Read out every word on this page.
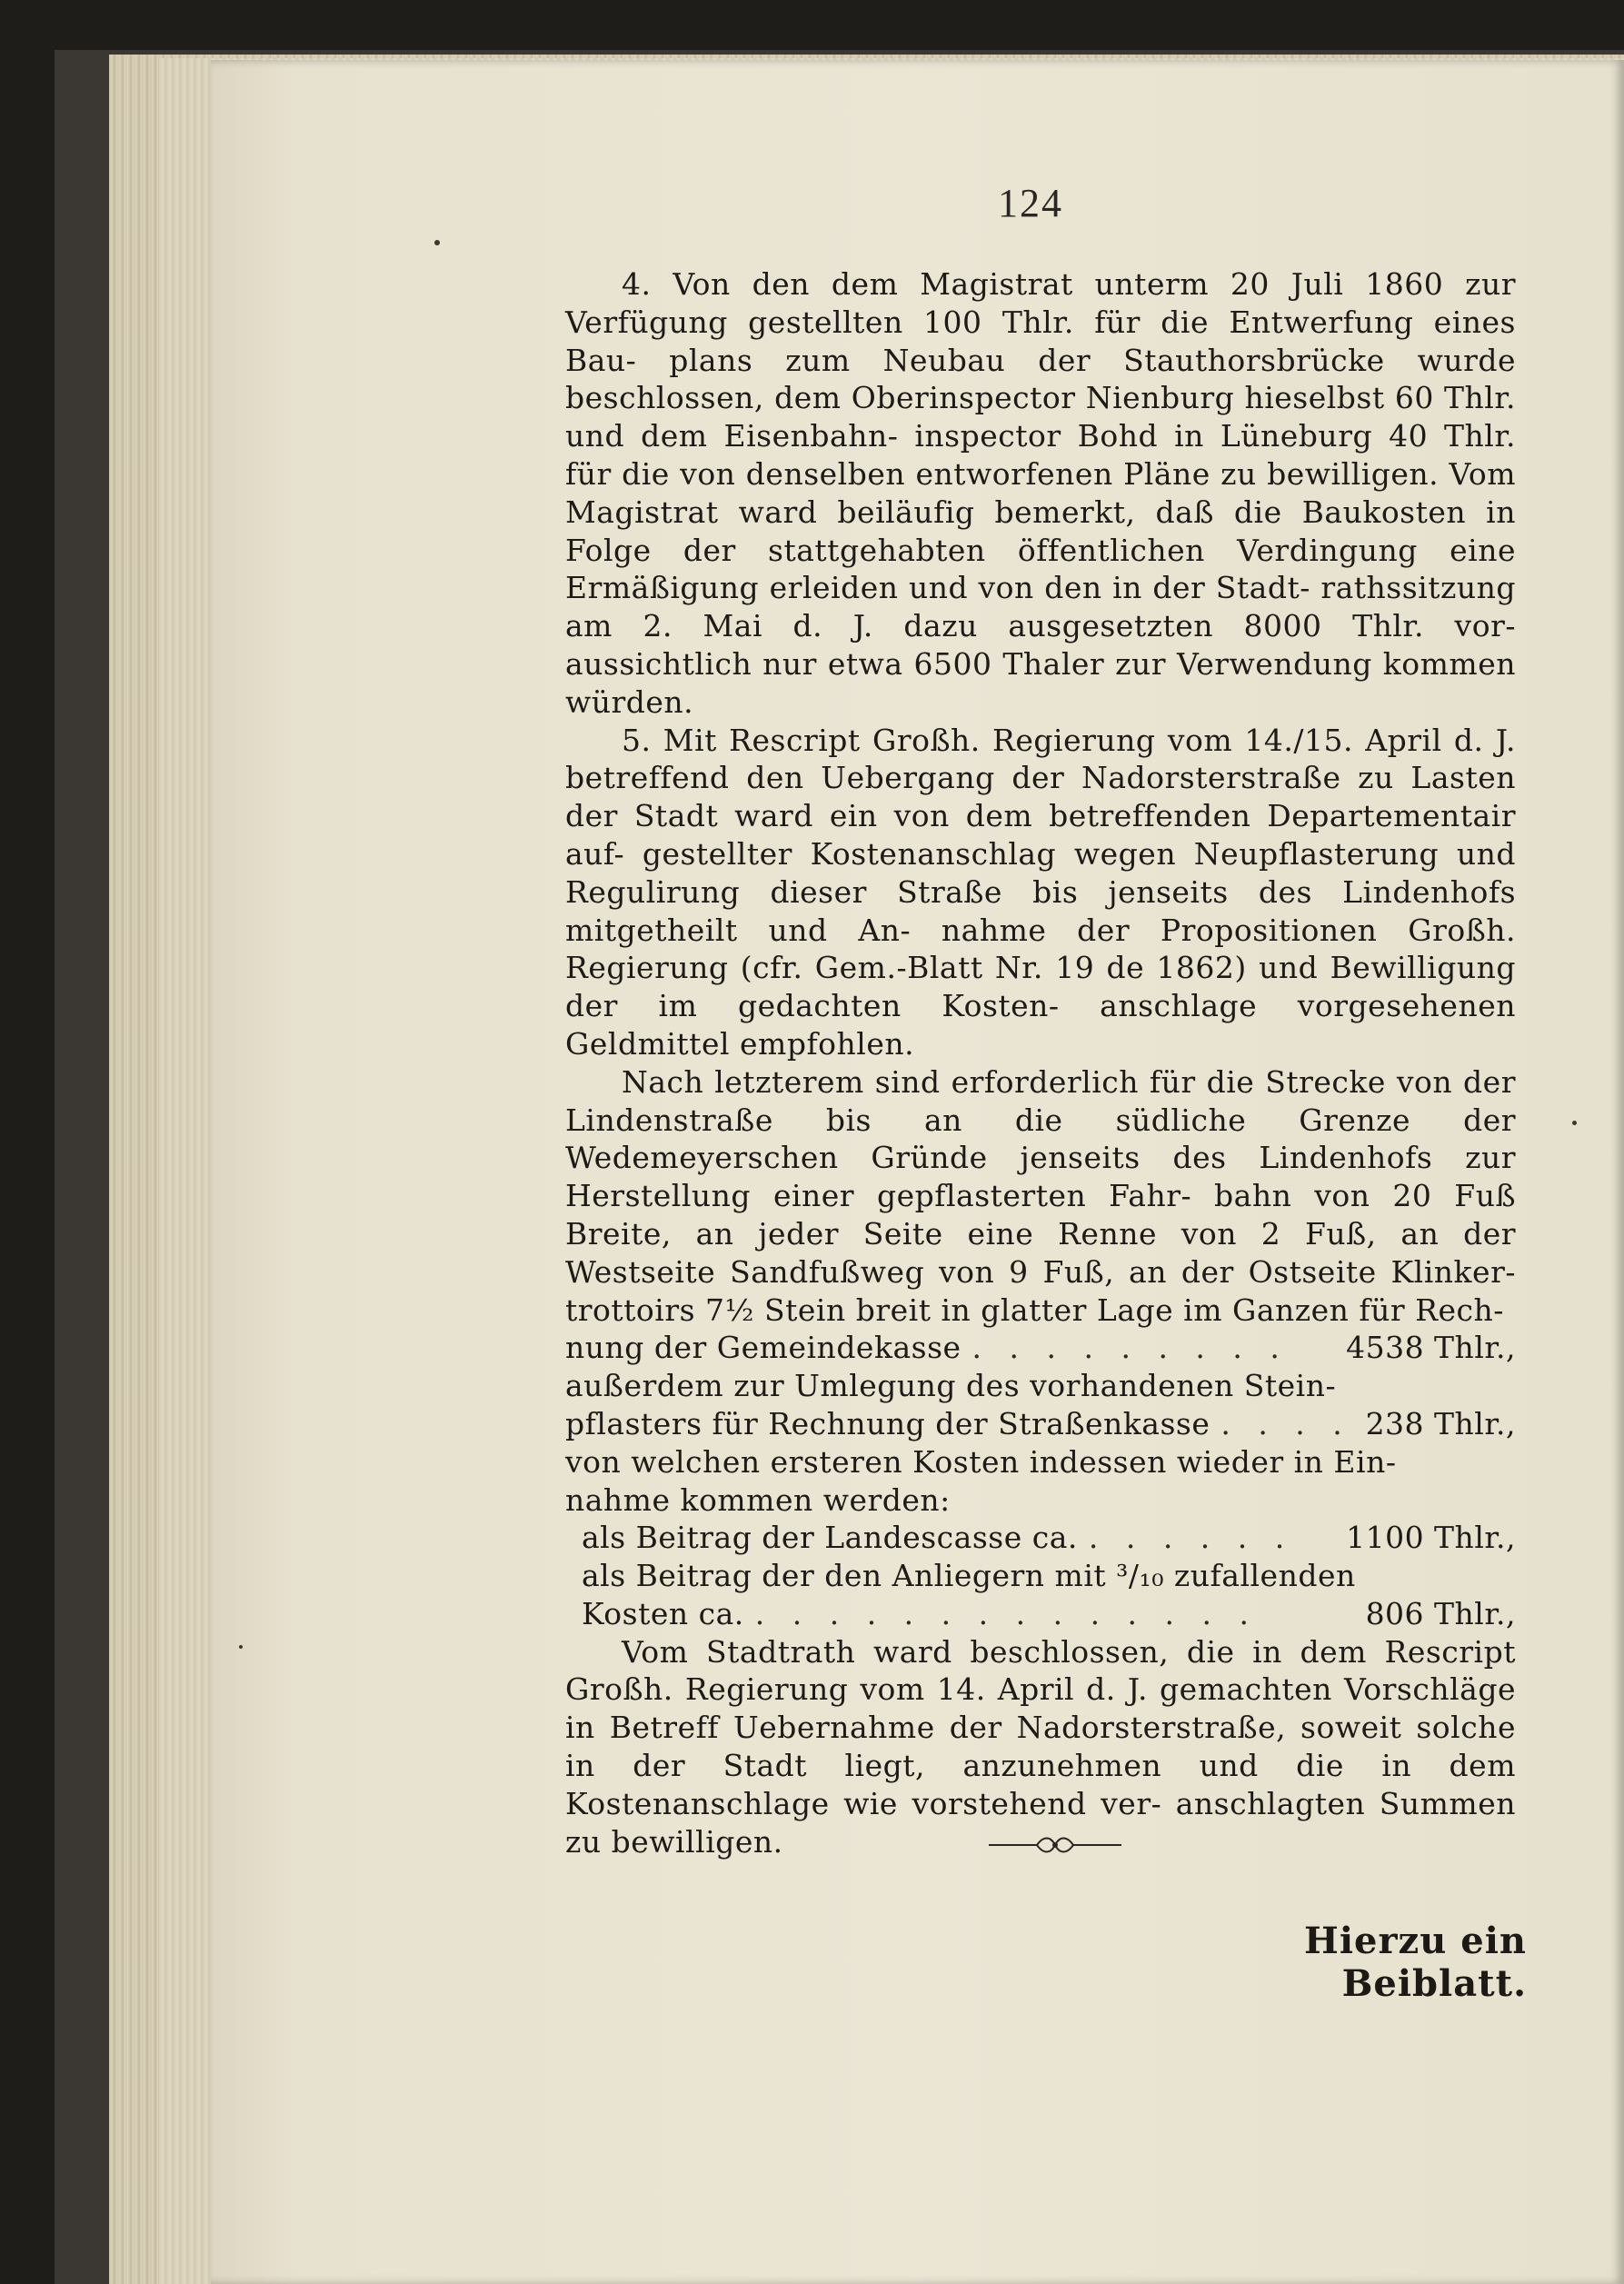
124

4. Von den dem Magistrat unterm 20 Juli 1860 zur Verfügung gestellten 100 Thlr. für die Entwerfung eines Bau- plans zum Neubau der Stauthorsbrücke wurde beschlossen, dem Oberinspector Nienburg hieselbst 60 Thlr. und dem Eisenbahn- inspector Bohd in Lüneburg 40 Thlr. für die von denselben entworfenen Pläne zu bewilligen. Vom Magistrat ward beiläufig bemerkt, daß die Baukosten in Folge der stattgehabten öffentlichen Verdingung eine Ermäßigung erleiden und von den in der Stadt- rathssitzung am 2. Mai d. J. dazu ausgesetzten 8000 Thlr. vor- aussichtlich nur etwa 6500 Thaler zur Verwendung kommen würden.

5. Mit Rescript Großh. Regierung vom 14./15. April d. J. betreffend den Uebergang der Nadorsterstraße zu Lasten der Stadt ward ein von dem betreffenden Departementair auf- gestellter Kostenanschlag wegen Neupflasterung und Regulirung dieser Straße bis jenseits des Lindenhofs mitgetheilt und An- nahme der Propositionen Großh. Regierung (cfr. Gem.-Blatt Nr. 19 de 1862) und Bewilligung der im gedachten Kosten- anschlage vorgesehenen Geldmittel empfohlen.

Nach letzterem sind erforderlich für die Strecke von der Lindenstraße bis an die südliche Grenze der Wedemeyerschen Gründe jenseits des Lindenhofs zur Herstellung einer gepflasterten Fahr- bahn von 20 Fuß Breite, an jeder Seite eine Renne von 2 Fuß, an der Westseite Sandfußweg von 9 Fuß, an der Ostseite Klinker- trottoirs 7½ Stein breit in glatter Lage im Ganzen für Rech-

nung der Gemeindekasse . . . . . . . . .	4538 Thlr.,
außerdem zur Umlegung des vorhandenen Stein-
pflasters für Rechnung der Straßenkasse . . . . 238 Thlr.,
von welchen ersteren Kosten indessen wieder in Ein-
nahme kommen werden:
als Beitrag der Landescasse ca. . . . . . .	1100 Thlr.,
als Beitrag der den Anliegern mit ³/₁₀ zufallenden
Kosten ca. . . . . . . . . . . . . . .	806 Thlr.,

Vom Stadtrath ward beschlossen, die in dem Rescript Großh. Regierung vom 14. April d. J. gemachten Vorschläge in Betreff Uebernahme der Nadorsterstraße, soweit solche in der Stadt liegt, anzunehmen und die in dem Kostenanschlage wie vorstehend ver- anschlagten Summen zu bewilligen.

Hierzu ein Beiblatt.
